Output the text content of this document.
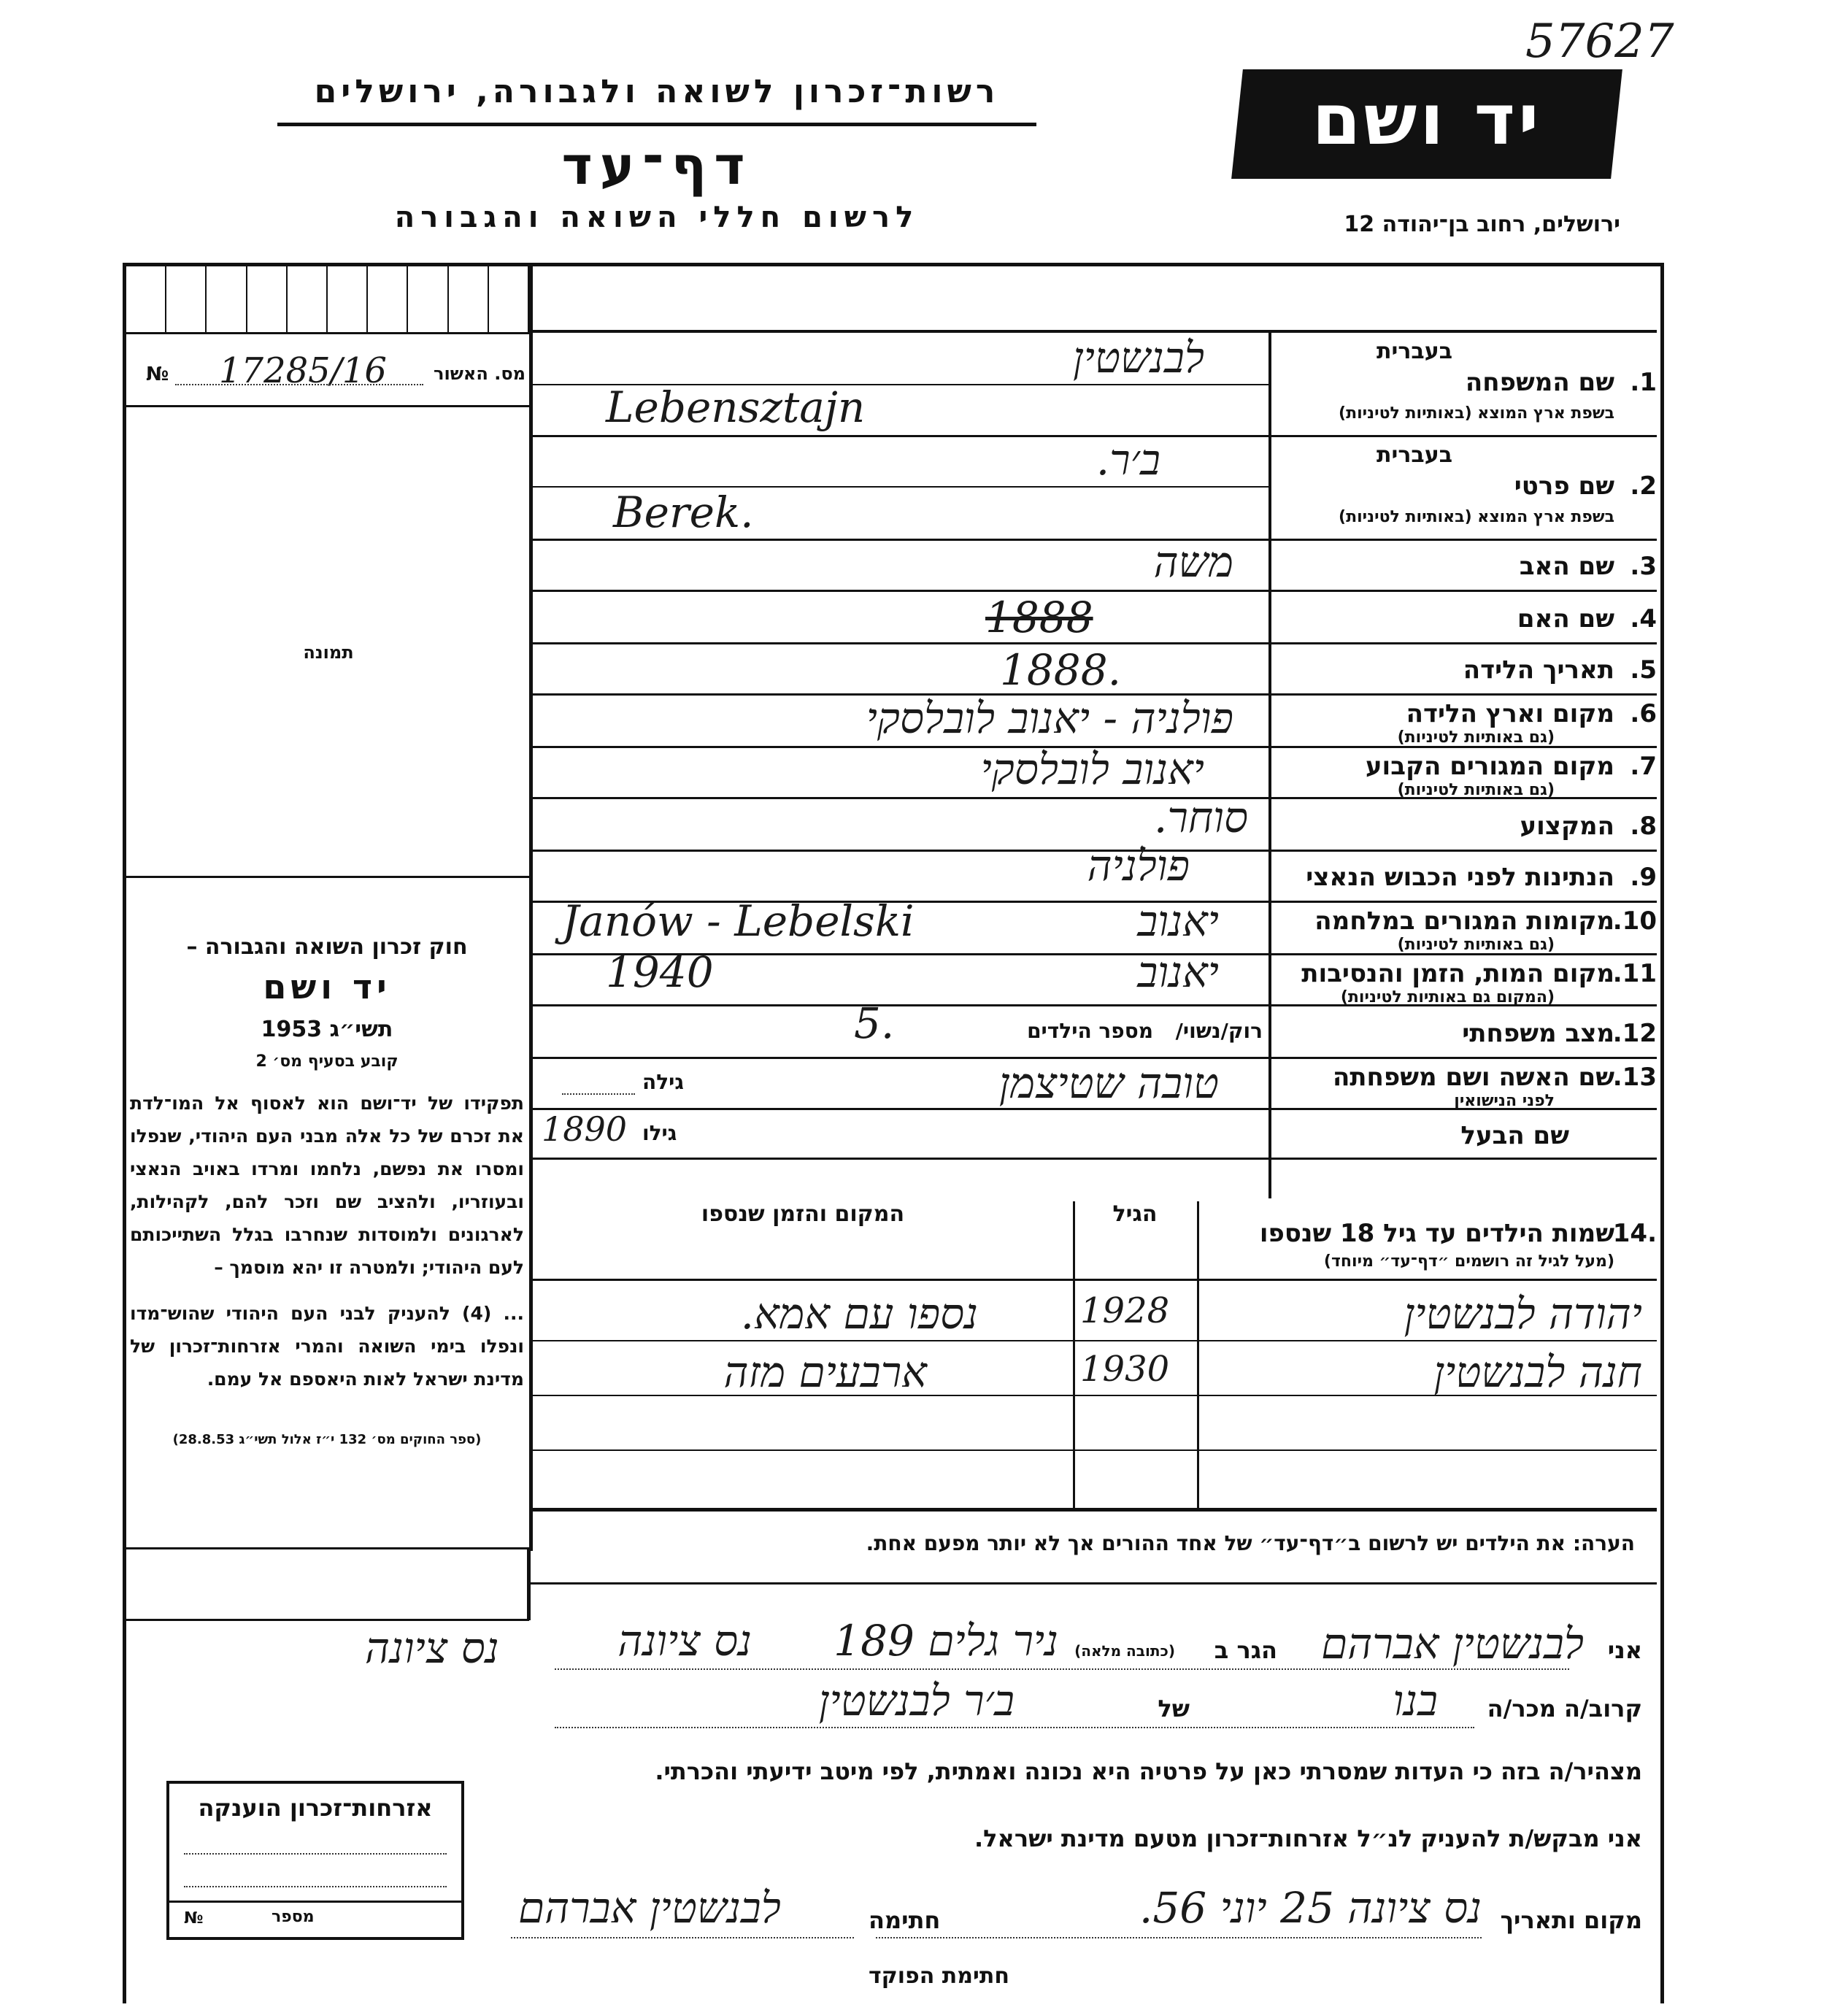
57627
רשות־זכרון לשואה ולגבורה, ירושלים
דף־עד
לרשום חללי השואה והגבורה
יד ושם
ירושלים, רחוב בן־יהודה 12
№ 17285/16	מס. האשור
תמונה

חוק זכרון השואה והגבורה –

יד ושם

תשי״ג 1953

קובע בסעיף מס׳ 2

תפקידו של יד־ושם הוא לאסוף אל המו־לדת את זכרם של כל אלה מבני העם היהודי, שנפלו ומסרו את נפשם, נלחמו ומרדו באויב הנאצי ובעוזריו, ולהציב שם וזכר להם, לקהילות, לארגונים ולמוסדות שנחרבו בגלל השתייכותם לעם היהודי; ולמטרה זו יהא מוסמך –

... (4) להעניק לבני העם היהודי שהוש־מדו ונפלו בימי השואה והמרי אזרחות־זכרון של מדינת ישראל לאות היאספם אל עמם.

(ספר החוקים מס׳ 132 י״ז אלול תשי״ג 28.8.53)

בעברית
1.
שם המשפחה
בשפת ארץ המוצא (באותיות לטיניות)
לבנשטין
Lebensztajn
בעברית
2.
שם פרטי
בשפת ארץ המוצא (באותיות לטיניות)
ב׳ר.
Berek.
3.
שם האב
משה
4.
שם האם
1888
5.
תאריך הלידה
1888.
6.
מקום וארץ הלידה
(גם באותיות לטיניות)
פולניה - יאנוב לובלסקי
7.
מקום המגורים הקבוע
(גם באותיות לטיניות)
יאנוב לובלסקי
8.
המקצוע
סוחר.
9.
הנתינות לפני הכבוש הנאצי
פולניה
10.
מקומות המגורים במלחמה
(גם באותיות לטיניות)
יאנוב
Janów - Lebelski
11.
מקום המות, הזמן והנסיבות
(המקום גם באותיות לטיניות)
יאנוב
1940
12.
מצב משפחתי
רוק/נשוי/
מספר הילדים
5.
13.
שם האשה ושם משפחתה
לפני הנישואין
טובה שטיצמן
גילה
שם הבעל
גילו
1890
14.
שמות הילדים עד גיל 18 שנספו
(מעל לגיל זה רושמים ״דף־עד״ מיוחד)
הגיל
המקום והזמן שנספו
יהודה לבנשטין
1928
נספו עם אמא.
חנה לבנשטין
1930
ארבעים מזה
הערה: את הילדים יש לרשום ב״דף־עד״ של אחד ההורים אך לא יותר מפעם אחת.
אני
לבנשטין אברהם
הגר ב
(כתובה מלאה)
ניר גלים 189
נס ציונה
נס ציונה
קרוב/ה מכר/ה
בנו
של
ב׳ר לבנשטין
מצהיר/ה בזה כי העדות שמסרתי כאן על פרטיה היא נכונה ואמתית, לפי מיטב ידיעתי והכרתי.
אני מבקש/ת להעניק לנ״ל אזרחות־זכרון מטעם מדינת ישראל.
מקום ותאריך
נס ציונה 25 יוני 56.
חתימה
לבנשטין אברהם
חתימת הפוקד
אזרחות־זכרון הוענקה
№	מספר
